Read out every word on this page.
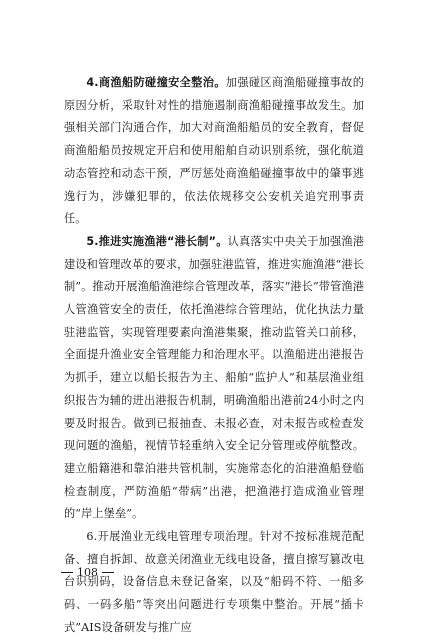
4.商渔船防碰撞安全整治。加强碰区商渔船碰撞事故的原因分析，采取针对性的措施遏制商渔船碰撞事故发生。加强相关部门沟通合作，加大对商渔船船员的安全教育，督促商渔船船员按规定开启和使用船舶自动识别系统，强化航道动态管控和动态干预，严厉惩处商渔船碰撞事故中的肇事逃逸行为，涉嫌犯罪的，依法依规移交公安机关追究刑事责任。

5.推进实施渔港“港长制”。认真落实中央关于加强渔港建设和管理改革的要求，加强驻港监管，推进实施渔港“港长制”。推动开展渔船渔港综合管理改革，落实“港长”带管渔港人管渔管安全的责任，依托渔港综合管理站，优化执法力量驻港监管，实现管理要素向渔港集聚，推动监管关口前移，全面提升渔业安全管理能力和治理水平。以渔船进出港报告为抓手，建立以船长报告为主、船舶“监护人”和基层渔业组织报告为辅的进出港报告机制，明确渔船出港前24小时之内要及时报告。做到已报抽查、未报必查，对未报告或检查发现问题的渔船，视情节轻重纳入安全记分管理或停航整改。建立船籍港和靠泊港共管机制，实施常态化的泊港渔船登临检查制度，严防渔船“带病”出港，把渔港打造成渔业管理的“岸上堡垒”。

6.开展渔业无线电管理专项治理。针对不按标准规范配备、擅自拆卸、故意关闭渔业无线电设备，擅自擦写篡改电台识别码，设备信息未登记备案，以及“船码不符、一船多码、一码多船”等突出问题进行专项集中整治。开展“插卡式”AIS设备研发与推广应

108
